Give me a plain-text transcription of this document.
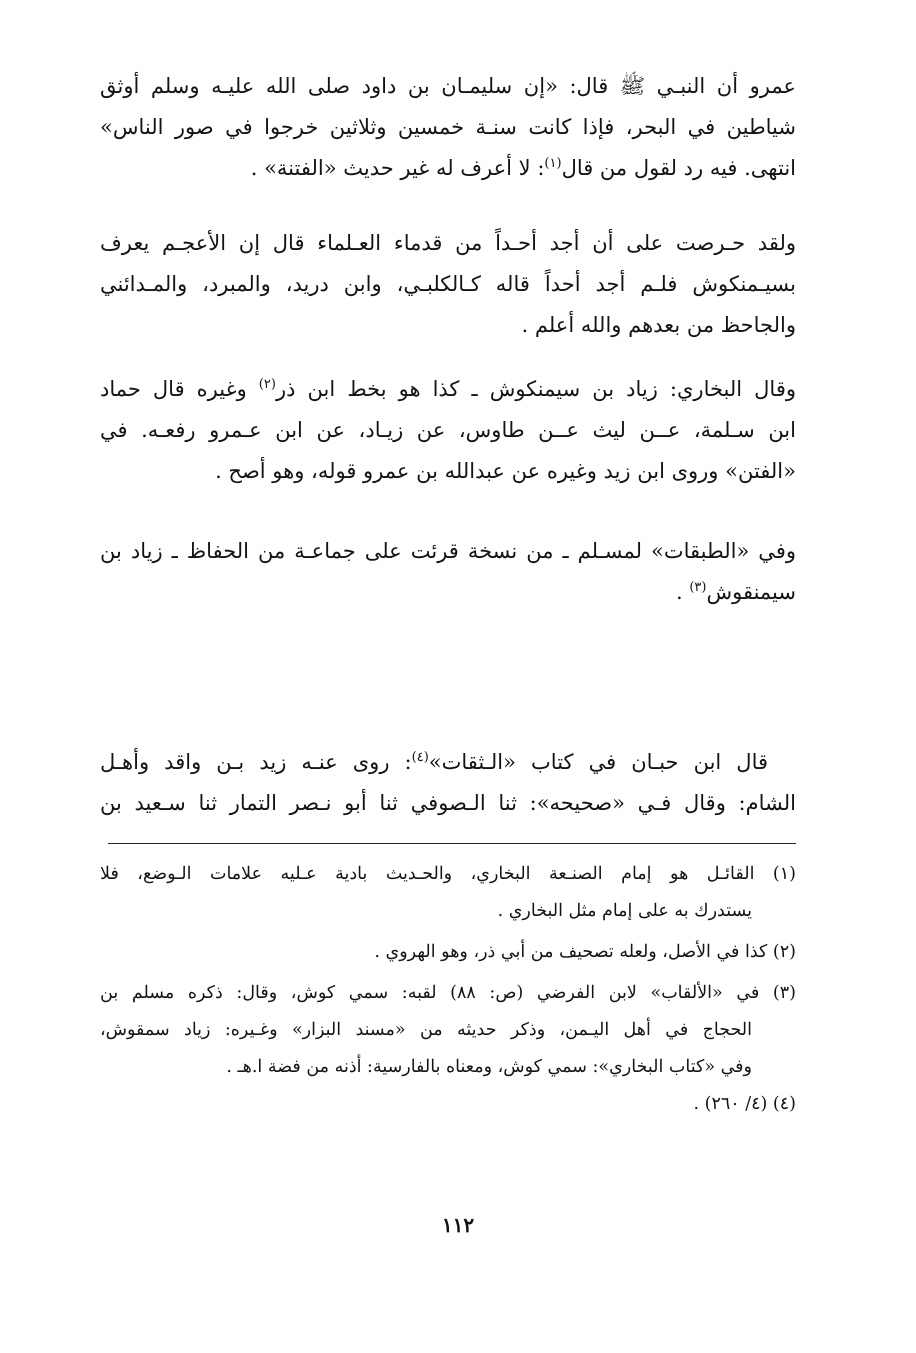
عمرو أن النبـي ﷺ قال: «إن سليمـان بن داود صلى الله عليـه وسلم أوثق
شياطين في البحر، فإذا كانت سنـة خمسين وثلاثين خرجوا في صور الناس»
انتهى. فيه رد لقول من قال$^{(١)}$: لا أعرف له غير حديث «الفتنة» .

ولقد حـرصت على أن أجد أحـداً من قدماء العـلماء قال إن الأعجـم يعرف
بسيـمنكوش فلـم أجد أحداً قاله كـالكلبـي، وابن دريد، والمبرد، والمـدائني
والجاحظ من بعدهم والله أعلم .

وقال البخاري: زياد بن سيمنكوش ـ كذا هو بخط ابن ذر$^{(٢)}$ وغيره قال حماد
ابن سـلمة، عــن ليث عــن طاوس، عن زيـاد، عن ابن عـمرو رفعـه. في
«الفتن» وروى ابن زيد وغيره عن عبدالله بن عمرو قوله، وهو أصح .

وفي «الطبقات» لمسـلم ـ من نسخة قرئت على جماعـة من الحفاظ ـ زياد بن
سيمنقوش$^{(٣)}$ .

قال ابن حبـان في كتاب «الـثقات»$^{(٤)}$: روى عنـه زيد بـن واقد وأهـل
الشام: وقال فـي «صحيحه»: ثنا الـصوفي ثنا أبو نـصر التمار ثنا سـعيد بن

(١) القائـل هو إمام الصنـعة البخاري، والحـديث بادية عـليه علامات الـوضع، فلا
يستدرك به على إمام مثل البخاري .
(٢) كذا في الأصل، ولعله تصحيف من أبي ذر، وهو الهروي .
(٣) في «الألقاب» لابن الفرضي (ص: ٨٨) لقبه: سمي كوش، وقال: ذكره مسلم بن
الحجاج في أهل اليـمن، وذكر حديثه من «مسند البزار» وغـيره: زياد سمقوش،
وفي «كتاب البخاري»: سمي كوش، ومعناه بالفارسية: أذنه من فضة ا.هـ .
(٤) (٤/ ٢٦٠) .
١١٢
